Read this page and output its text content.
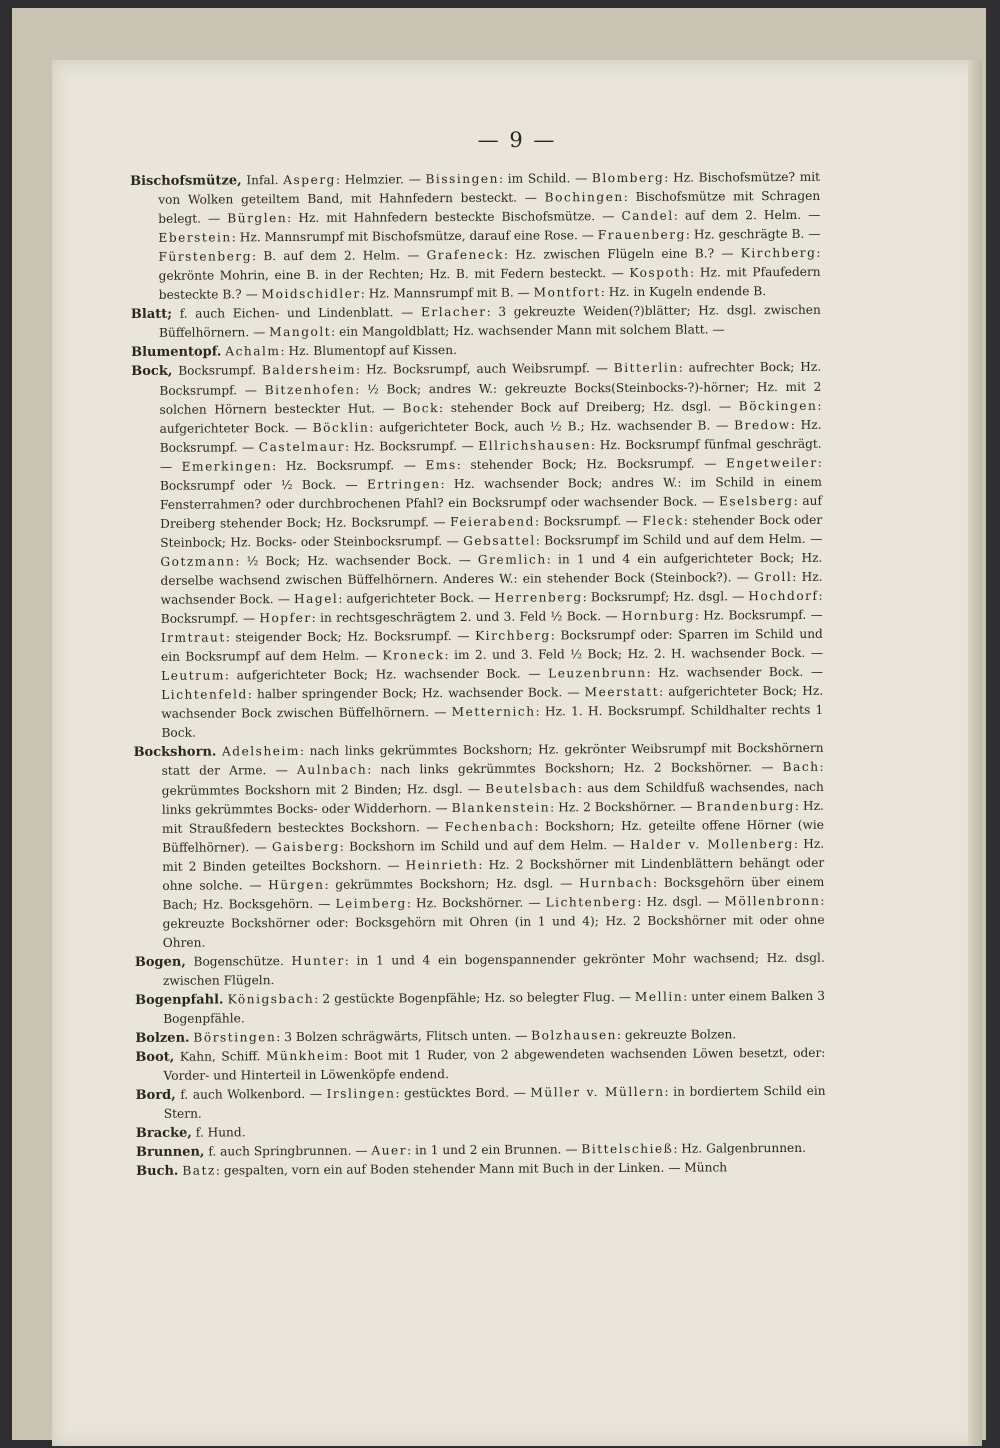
— 9 —

Bischofsmütze, Infal. Asperg: Helmzier. — Bissingen: im Schild. — Blomberg: Hz. Bischofsmütze? mit von Wolken geteiltem Band, mit Hahnfedern besteckt. — Bochingen: Bischofsmütze mit Schragen belegt. — Bürglen: Hz. mit Hahnfedern besteckte Bischofsmütze. — Candel: auf dem 2. Helm. — Eberstein: Hz. Mannsrumpf mit Bischofsmütze, darauf eine Rose. — Frauenberg: Hz. geschrägte B. — Fürstenberg: B. auf dem 2. Helm. — Grafeneck: Hz. zwischen Flügeln eine B.? — Kirchberg: gekrönte Mohrin, eine B. in der Rechten; Hz. B. mit Federn besteckt. — Kospoth: Hz. mit Pfaufedern besteckte B.? — Moidschidler: Hz. Mannsrumpf mit B. — Montfort: Hz. in Kugeln endende B.

Blatt; f. auch Eichen- und Lindenblatt. — Erlacher: 3 gekreuzte Weiden(?)blätter; Hz. dsgl. zwischen Büffelhörnern. — Mangolt: ein Mangoldblatt; Hz. wachsender Mann mit solchem Blatt. —

Blumentopf. Achalm: Hz. Blumentopf auf Kissen.

Bock, Bocksrumpf. Baldersheim: Hz. Bocksrumpf, auch Weibsrumpf. — Bitterlin: aufrechter Bock; Hz. Bocksrumpf. — Bitzenhofen: ½ Bock; andres W.: gekreuzte Bocks(Steinbocks-?)-hörner; Hz. mit 2 solchen Hörnern besteckter Hut. — Bock: stehender Bock auf Dreiberg; Hz. dsgl. — Böckingen: aufgerichteter Bock. — Böcklin: aufgerichteter Bock, auch ½ B.; Hz. wachsender B. — Bredow: Hz. Bocksrumpf. — Castelmaur: Hz. Bocksrumpf. — Ellrichshausen: Hz. Bocksrumpf fünfmal geschrägt. — Emerkingen: Hz. Bocksrumpf. — Ems: stehender Bock; Hz. Bocksrumpf. — Engetweiler: Bocksrumpf oder ½ Bock. — Ertringen: Hz. wachsender Bock; andres W.: im Schild in einem Fensterrahmen? oder durchbrochenen Pfahl? ein Bocksrumpf oder wachsender Bock. — Eselsberg: auf Dreiberg stehender Bock; Hz. Bocksrumpf. — Feierabend: Bocksrumpf. — Fleck: stehender Bock oder Steinbock; Hz. Bocks- oder Steinbocksrumpf. — Gebsattel: Bocksrumpf im Schild und auf dem Helm. — Gotzmann: ½ Bock; Hz. wachsender Bock. — Gremlich: in 1 und 4 ein aufgerichteter Bock; Hz. derselbe wachsend zwischen Büffelhörnern. Anderes W.: ein stehender Bock (Steinbock?). — Groll: Hz. wachsender Bock. — Hagel: aufgerichteter Bock. — Herrenberg: Bocksrumpf; Hz. dsgl. — Hochdorf: Bocksrumpf. — Hopfer: in rechtsgeschrägtem 2. und 3. Feld ½ Bock. — Hornburg: Hz. Bocksrumpf. — Irmtraut: steigender Bock; Hz. Bocksrumpf. — Kirchberg: Bocksrumpf oder: Sparren im Schild und ein Bocksrumpf auf dem Helm. — Kroneck: im 2. und 3. Feld ½ Bock; Hz. 2. H. wachsender Bock. — Leutrum: aufgerichteter Bock; Hz. wachsender Bock. — Leuzenbrunn: Hz. wachsender Bock. — Lichtenfeld: halber springender Bock; Hz. wachsender Bock. — Meerstatt: aufgerichteter Bock; Hz. wachsender Bock zwischen Büffelhörnern. — Metternich: Hz. 1. H. Bocksrumpf. Schildhalter rechts 1 Bock.

Bockshorn. Adelsheim: nach links gekrümmtes Bockshorn; Hz. gekrönter Weibsrumpf mit Bockshörnern statt der Arme. — Aulnbach: nach links gekrümmtes Bockshorn; Hz. 2 Bockshörner. — Bach: gekrümmtes Bockshorn mit 2 Binden; Hz. dsgl. — Beutelsbach: aus dem Schildfuß wachsendes, nach links gekrümmtes Bocks- oder Widderhorn. — Blankenstein: Hz. 2 Bockshörner. — Brandenburg: Hz. mit Straußfedern bestecktes Bockshorn. — Fechenbach: Bockshorn; Hz. geteilte offene Hörner (wie Büffelhörner). — Gaisberg: Bockshorn im Schild und auf dem Helm. — Halder v. Mollenberg: Hz. mit 2 Binden geteiltes Bockshorn. — Heinrieth: Hz. 2 Bockshörner mit Lindenblättern behängt oder ohne solche. — Hürgen: gekrümmtes Bockshorn; Hz. dsgl. — Hurnbach: Bocksgehörn über einem Bach; Hz. Bocksgehörn. — Leimberg: Hz. Bockshörner. — Lichtenberg: Hz. dsgl. — Möllenbronn: gekreuzte Bockshörner oder: Bocksgehörn mit Ohren (in 1 und 4); Hz. 2 Bockshörner mit oder ohne Ohren.

Bogen, Bogenschütze. Hunter: in 1 und 4 ein bogenspannender gekrönter Mohr wachsend; Hz. dsgl. zwischen Flügeln.

Bogenpfahl. Königsbach: 2 gestückte Bogenpfähle; Hz. so belegter Flug. — Mellin: unter einem Balken 3 Bogenpfähle.

Bolzen. Börstingen: 3 Bolzen schrägwärts, Flitsch unten. — Bolzhausen: gekreuzte Bolzen.

Boot, Kahn, Schiff. Münkheim: Boot mit 1 Ruder, von 2 abgewendeten wachsenden Löwen besetzt, oder: Vorder- und Hinterteil in Löwenköpfe endend.

Bord, f. auch Wolkenbord. — Irslingen: gestücktes Bord. — Müller v. Müllern: in bordiertem Schild ein Stern.

Bracke, f. Hund.

Brunnen, f. auch Springbrunnen. — Auer: in 1 und 2 ein Brunnen. — Bittelschieß: Hz. Galgenbrunnen.

Buch. Batz: gespalten, vorn ein auf Boden stehender Mann mit Buch in der Linken. — Münch
